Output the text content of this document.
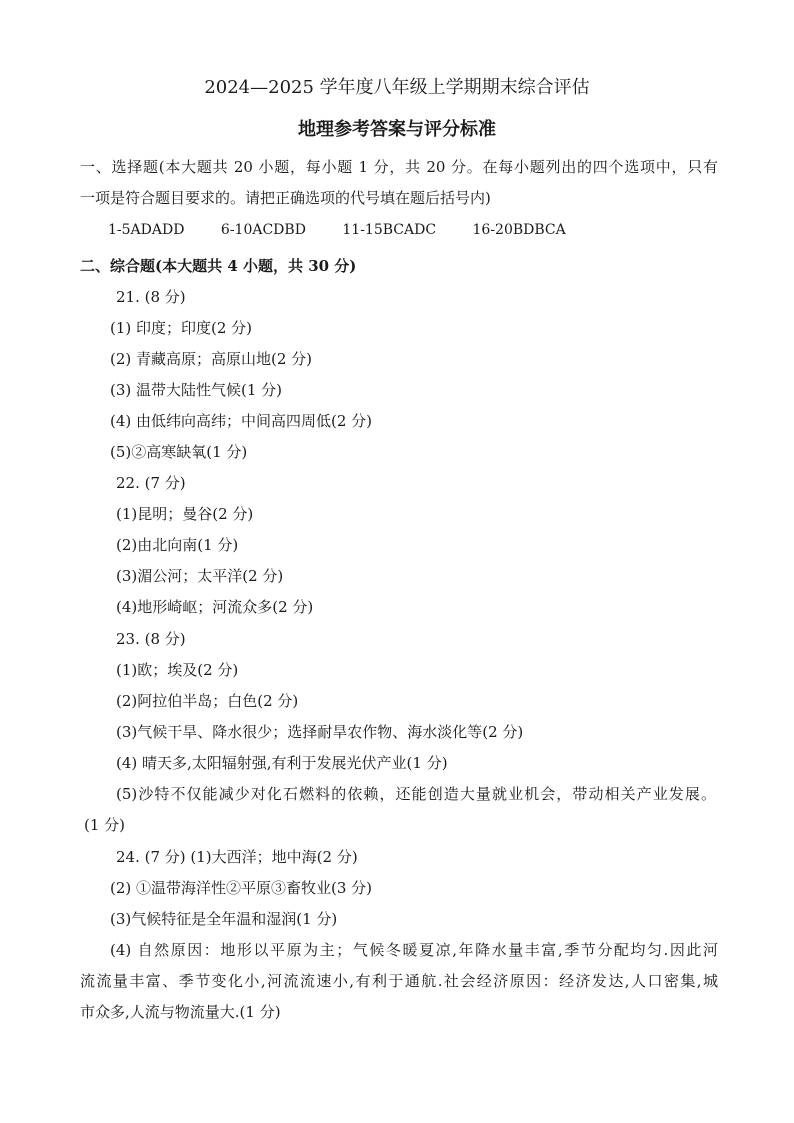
2024—2025 学年度八年级上学期期末综合评估
地理参考答案与评分标准
一、选择题(本大题共 20 小题，每小题 1 分，共 20 分。在每小题列出的四个选项中，只有
一项是符合题目要求的。请把正确选项的代号填在题后括号内)
1-5ADADD	6-10ACDBD	11-15BCADC	16-20BDBCA
二、综合题(本大题共 4 小题，共 30 分)
21. (8 分)
(1) 印度；印度(2 分)
(2) 青藏高原；高原山地(2 分)
(3) 温带大陆性气候(1 分)
(4) 由低纬向高纬；中间高四周低(2 分)
(5)②高寒缺氧(1 分)
22. (7 分)
(1)昆明；曼谷(2 分)
(2)由北向南(1 分)
(3)湄公河；太平洋(2 分)
(4)地形崎岖；河流众多(2 分)
23. (8 分)
(1)欧；埃及(2 分)
(2)阿拉伯半岛；白色(2 分)
(3)气候干旱、降水很少；选择耐旱农作物、海水淡化等(2 分)
(4) 晴天多,太阳辐射强,有利于发展光伏产业(1 分)
(5)沙特不仅能减少对化石燃料的依赖，还能创造大量就业机会，带动相关产业发展。
(1 分)
24. (7 分) (1)大西洋；地中海(2 分)
(2) ①温带海洋性②平原③畜牧业(3 分)
(3)气候特征是全年温和湿润(1 分)
(4) 自然原因：地形以平原为主；气候冬暖夏凉,年降水量丰富,季节分配均匀.因此河
流流量丰富、季节变化小,河流流速小,有利于通航.社会经济原因：经济发达,人口密集,城
市众多,人流与物流量大.(1 分)
